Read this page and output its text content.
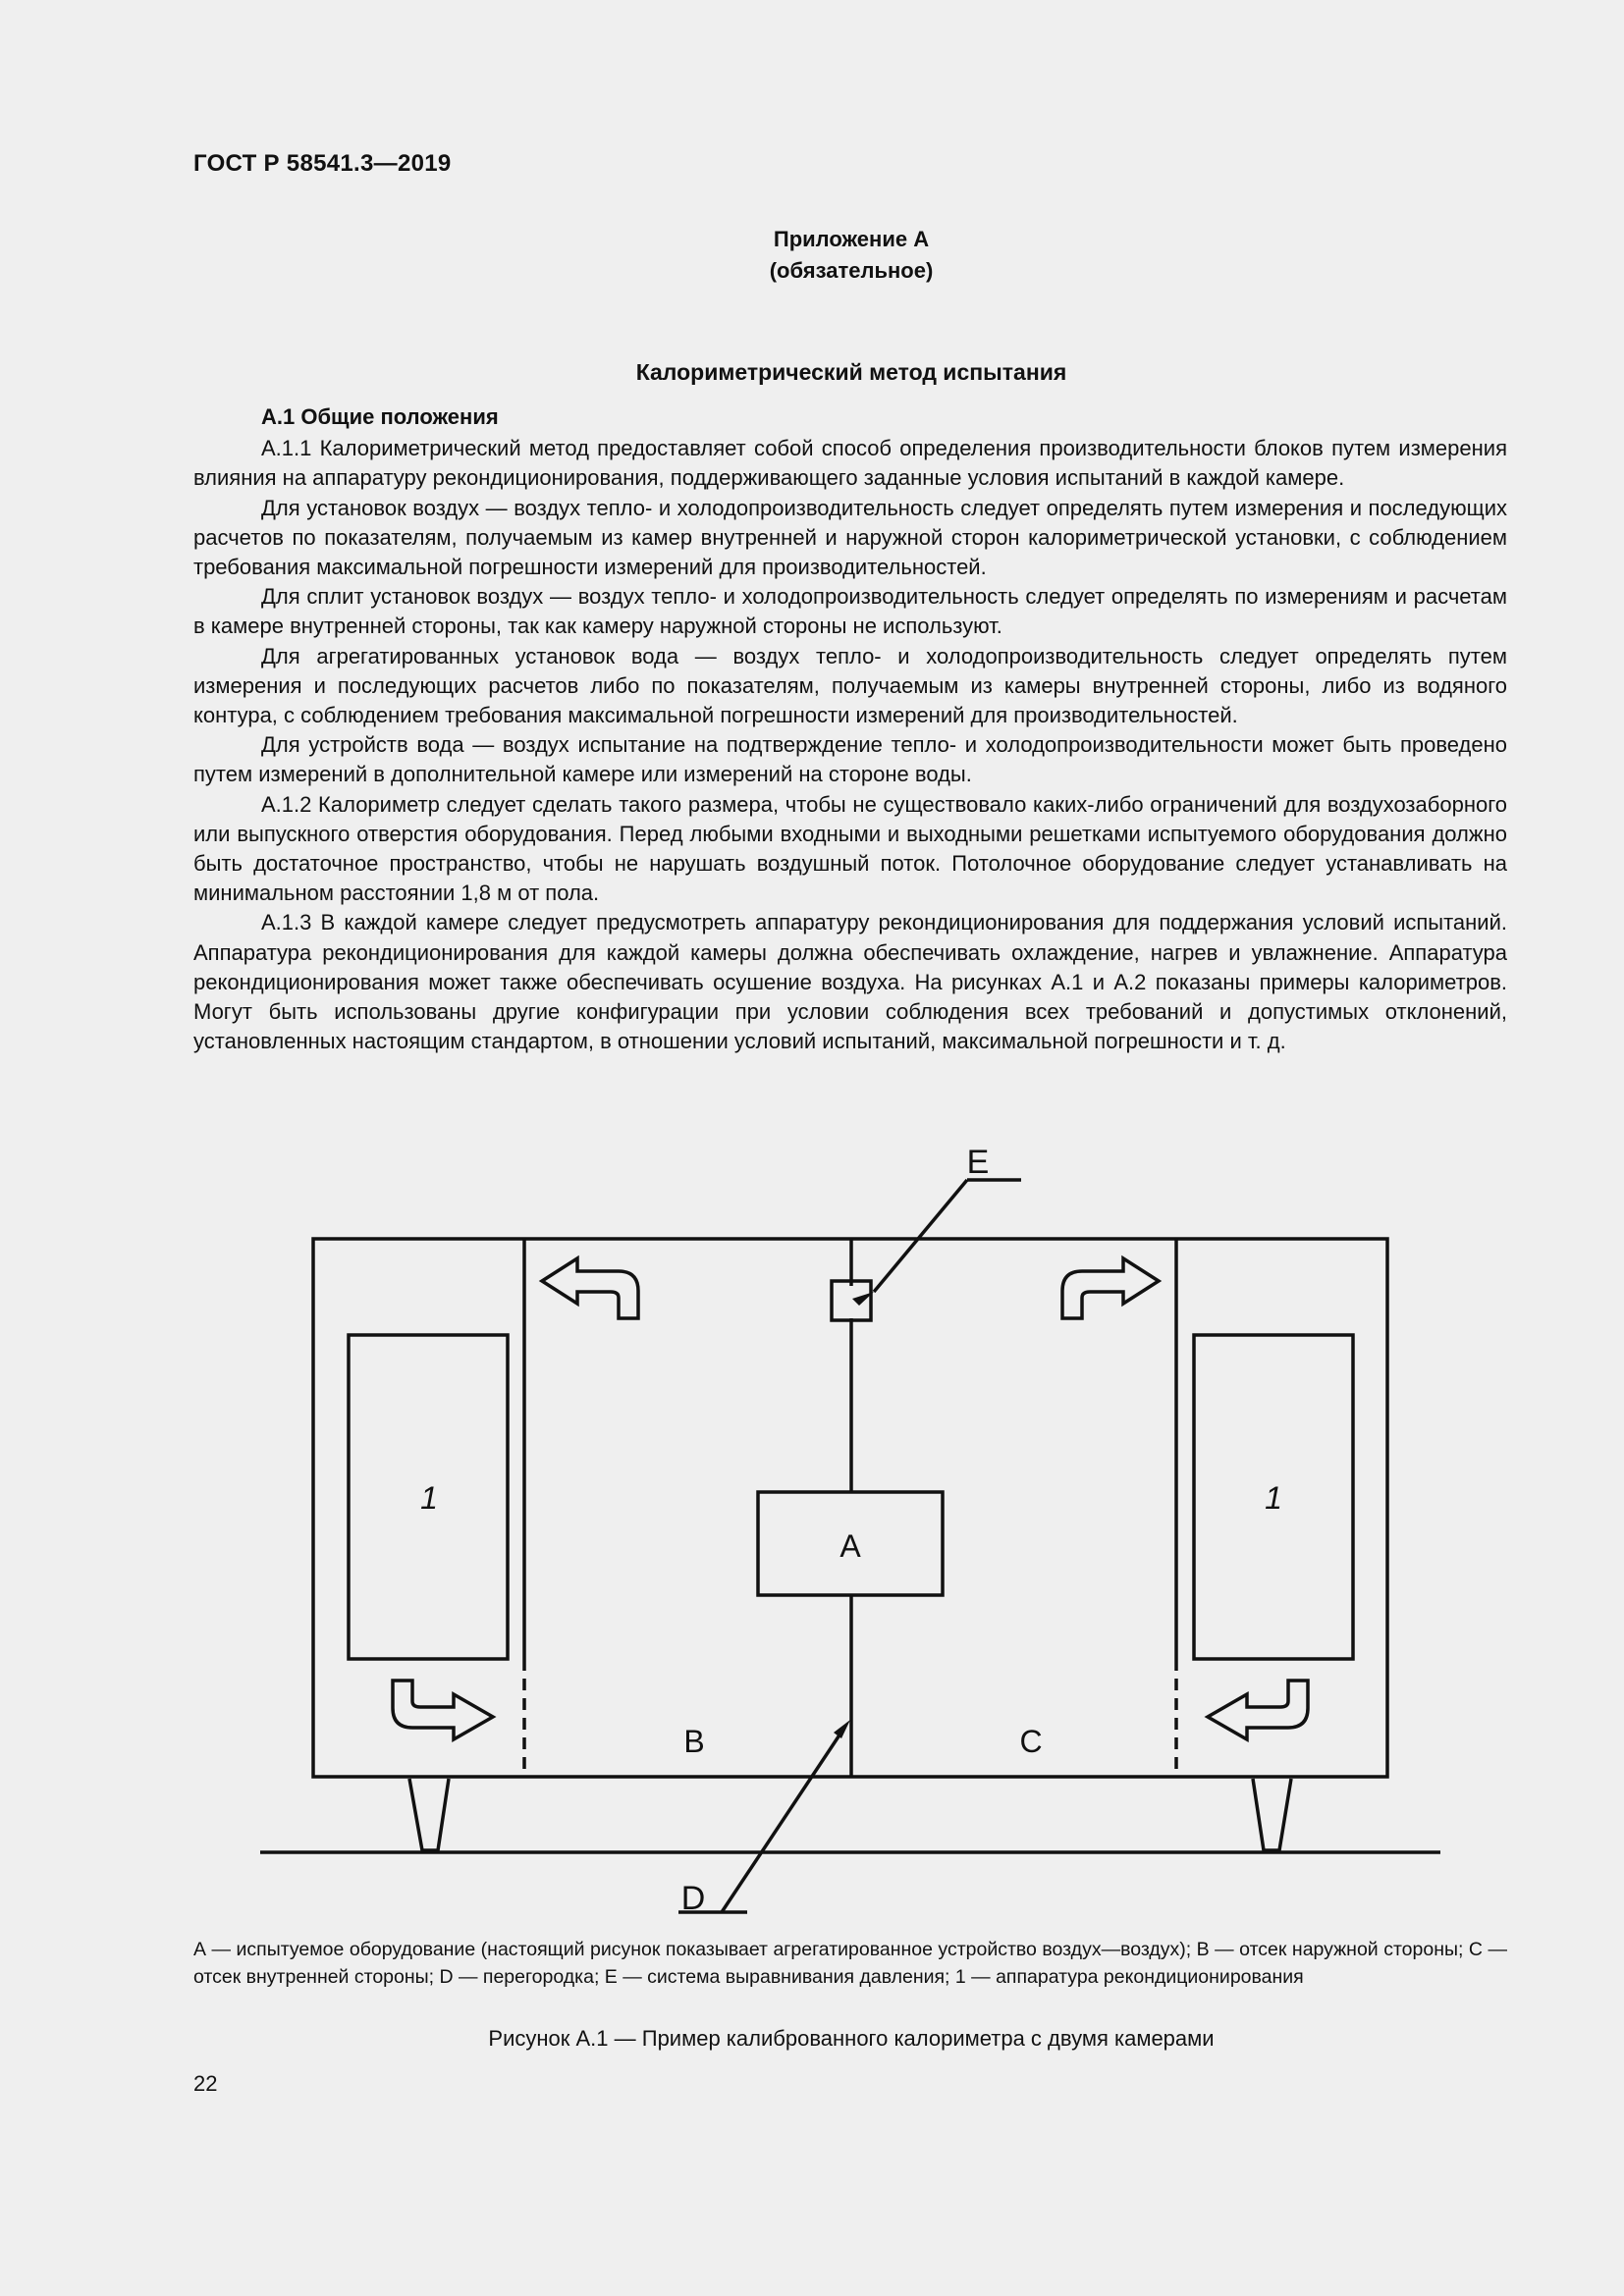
ГОСТ Р 58541.3—2019
Приложение А
(обязательное)
Калориметрический метод испытания
А.1 Общие положения

А.1.1 Калориметрический метод предоставляет собой способ определения производительности блоков путем измерения влияния на аппаратуру рекондиционирования, поддерживающего заданные условия испытаний в каждой камере.

Для установок воздух — воздух тепло- и холодопроизводительность следует определять путем измерения и последующих расчетов по показателям, получаемым из камер внутренней и наружной сторон калориметрической установки, с соблюдением требования максимальной погрешности измерений для производительностей.

Для сплит установок воздух — воздух тепло- и холодопроизводительность следует определять по измерениям и расчетам в камере внутренней стороны, так как камеру наружной стороны не используют.

Для агрегатированных установок вода — воздух тепло- и холодопроизводительность следует определять путем измерения и последующих расчетов либо по показателям, получаемым из камеры внутренней стороны, либо из водяного контура, с соблюдением требования максимальной погрешности измерений для производительностей.

Для устройств вода — воздух испытание на подтверждение тепло- и холодопроизводительности может быть проведено путем измерений в дополнительной камере или измерений на стороне воды.

А.1.2 Калориметр следует сделать такого размера, чтобы не существовало каких-либо ограничений для воздухозаборного или выпускного отверстия оборудования. Перед любыми входными и выходными решетками испытуемого оборудования должно быть достаточное пространство, чтобы не нарушать воздушный поток. Потолочное оборудование следует устанавливать на минимальном расстоянии 1,8 м от пола.

А.1.3 В каждой камере следует предусмотреть аппаратуру рекондиционирования для поддержания условий испытаний. Аппаратура рекондиционирования для каждой камеры должна обеспечивать охлаждение, нагрев и увлажнение. Аппаратура рекондиционирования может также обеспечивать осушение воздуха. На рисунках А.1 и А.2 показаны примеры калориметров. Могут быть использованы другие конфигурации при условии соблюдения всех требований и допустимых отклонений, установленных настоящим стандартом, в отношении условий испытаний, максимальной погрешности и т. д.

E
A
B	C
D
1	1
А — испытуемое оборудование (настоящий рисунок показывает агрегатированное устройство воздух—воздух); В — отсек наружной стороны; С — отсек внутренней стороны; D — перегородка; Е — система выравнивания давления; 1 — аппаратура рекондиционирования
Рисунок А.1 — Пример калиброванного калориметра с двумя камерами
22
